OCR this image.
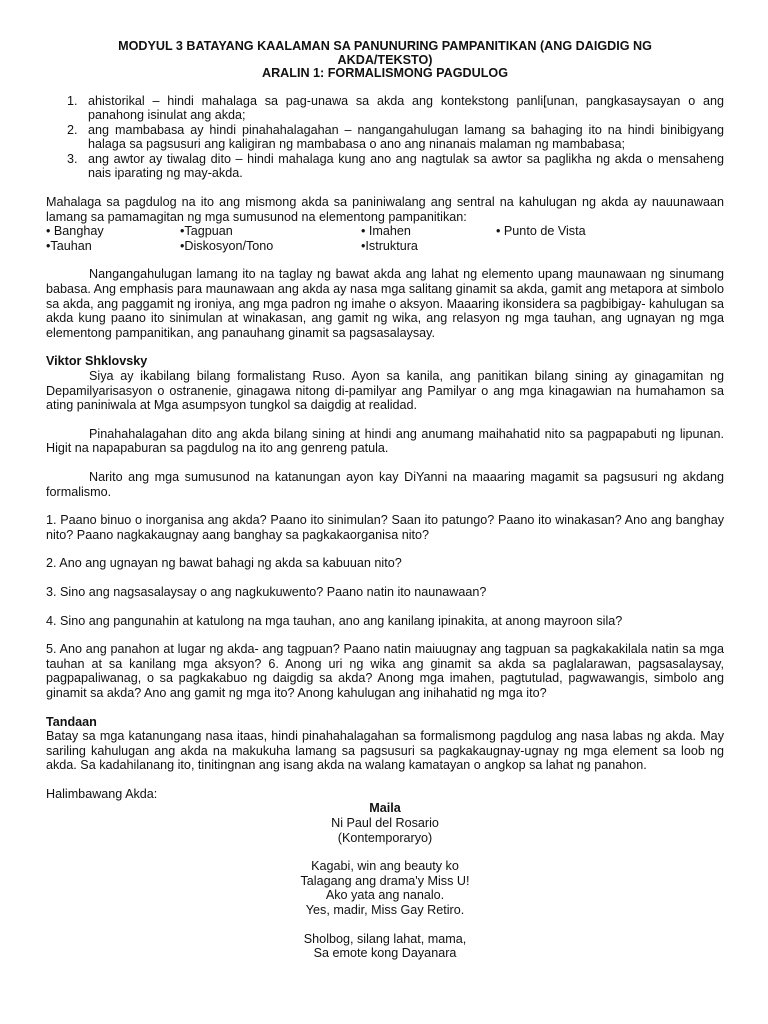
MODYUL 3 BATAYANG KAALAMAN SA PANUNURING PAMPANITIKAN (ANG DAIGDIG NG
AKDA/TEKSTO)
ARALIN 1: FORMALISMONG PAGDULOG
1. ahistorikal – hindi mahalaga sa pag-unawa sa akda ang kontekstong panli[unan, pangkasaysayan o ang panahong isinulat ang akda;
2. ang mambabasa ay hindi pinahahalagahan – nangangahulugan lamang sa bahaging ito na hindi binibigyang halaga sa pagsusuri ang kaligiran ng mambabasa o ano ang ninanais malaman ng mambabasa;
3. ang awtor ay tiwalag dito – hindi mahalaga kung ano ang nagtulak sa awtor sa paglikha ng akda o mensaheng nais iparating ng may-akda.

Mahalaga sa pagdulog na ito ang mismong akda sa paniniwalang ang sentral na kahulugan ng akda ay nauunawaan lamang sa pamamagitan ng mga sumusunod na elementong pampanitikan:

• Banghay	•Tagpuan	• Imahen	• Punto de Vista
•Tauhan	•Diskosyon/Tono	•Istruktura

Nangangahulugan lamang ito na taglay ng bawat akda ang lahat ng elemento upang maunawaan ng sinumang babasa. Ang emphasis para maunawaan ang akda ay nasa mga salitang ginamit sa akda, gamit ang metapora at simbolo sa akda, ang paggamit ng ironiya, ang mga padron ng imahe o aksyon. Maaaring ikonsidera sa pagbibigay- kahulugan sa akda kung paano ito sinimulan at winakasan, ang gamit ng wika, ang relasyon ng mga tauhan, ang ugnayan ng mga elementong pampanitikan, ang panauhang ginamit sa pagsasalaysay.

Viktor Shklovsky

Siya ay ikabilang bilang formalistang Ruso. Ayon sa kanila, ang panitikan bilang sining ay ginagamitan ng Depamilyarisasyon o ostranenie, ginagawa nitong di-pamilyar ang Pamilyar o ang mga kinagawian na humahamon sa ating paniniwala at Mga asumpsyon tungkol sa daigdig at realidad.

Pinahahalagahan dito ang akda bilang sining at hindi ang anumang maihahatid nito sa pagpapabuti ng lipunan. Higit na napapaburan sa pagdulog na ito ang genreng patula.

Narito ang mga sumusunod na katanungan ayon kay DiYanni na maaaring magamit sa pagsusuri ng akdang formalismo.

1. Paano binuo o inorganisa ang akda? Paano ito sinimulan? Saan ito patungo? Paano ito winakasan? Ano ang banghay nito? Paano nagkakaugnay aang banghay sa pagkakaorganisa nito?

2. Ano ang ugnayan ng bawat bahagi ng akda sa kabuuan nito?

3. Sino ang nagsasalaysay o ang nagkukuwento? Paano natin ito naunawaan?

4. Sino ang pangunahin at katulong na mga tauhan, ano ang kanilang ipinakita, at anong mayroon sila?

5. Ano ang panahon at lugar ng akda- ang tagpuan? Paano natin maiuugnay ang tagpuan sa pagkakakilala natin sa mga tauhan at sa kanilang mga aksyon? 6. Anong uri ng wika ang ginamit sa akda sa paglalarawan, pagsasalaysay, pagpapaliwanag, o sa pagkakabuo ng daigdig sa akda? Anong mga imahen, pagtutulad, pagwawangis, simbolo ang ginamit sa akda? Ano ang gamit ng mga ito? Anong kahulugan ang inihahatid ng mga ito?

Tandaan

Batay sa mga katanungang nasa itaas, hindi pinahahalagahan sa formalismong pagdulog ang nasa labas ng akda. May sariling kahulugan ang akda na makukuha lamang sa pagsusuri sa pagkakaugnay-ugnay ng mga element sa loob ng akda. Sa kadahilanang ito, tinitingnan ang isang akda na walang kamatayan o angkop sa lahat ng panahon.

Halimbawang Akda:

Maila
Ni Paul del Rosario
(Kontemporaryo)
Kagabi, win ang beauty ko
Talagang ang drama'y Miss U!
Ako yata ang nanalo.
Yes, madir, Miss Gay Retiro.
Sholbog, silang lahat, mama,
Sa emote kong Dayanara
